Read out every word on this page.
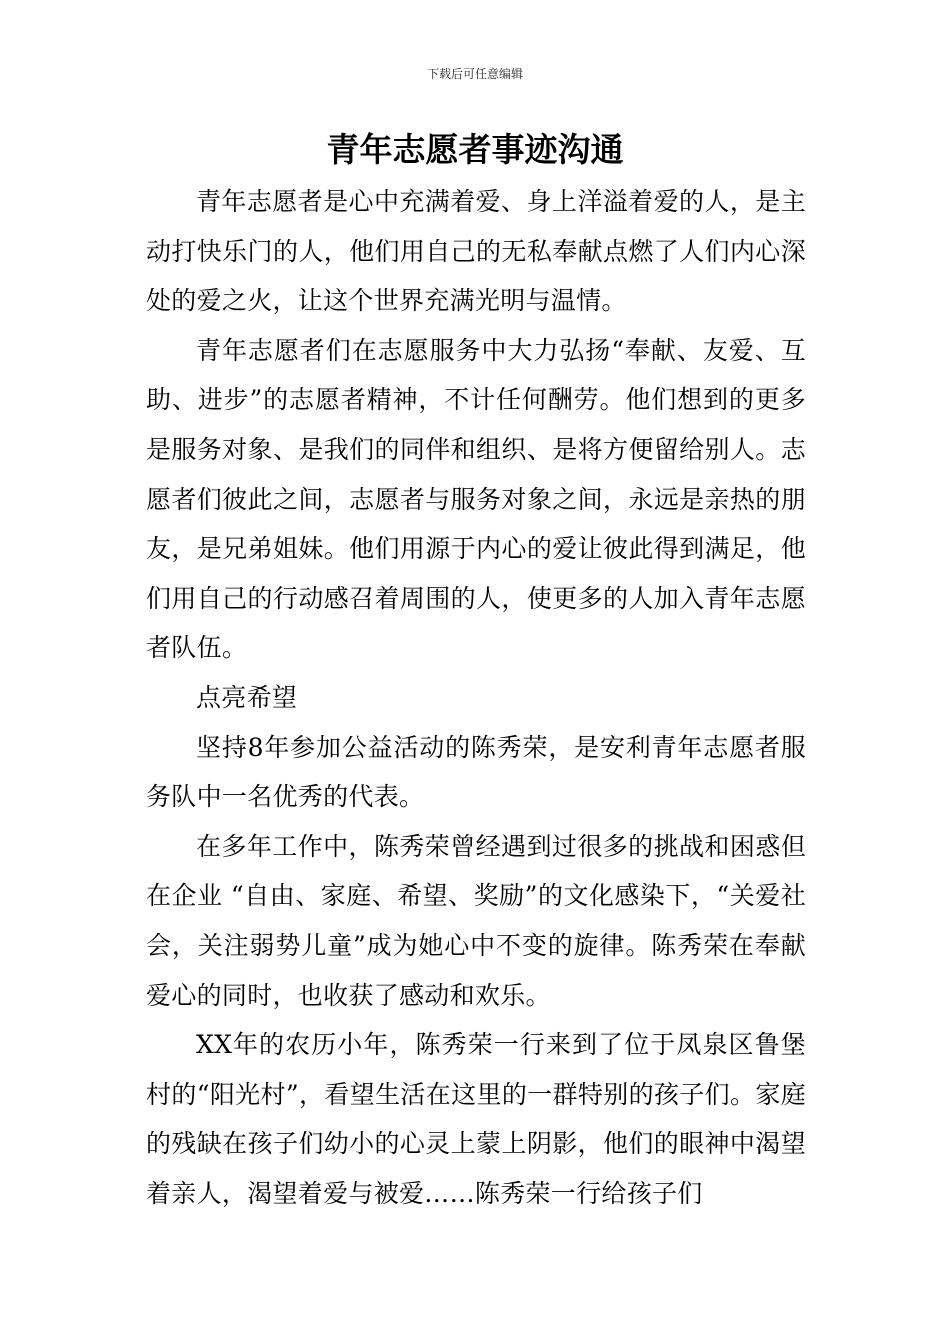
下载后可任意编辑
青年志愿者事迹沟通

青年志愿者是心中充满着爱、身上洋溢着爱的人，是主动打快乐门的人，他们用自己的无私奉献点燃了人们内心深处的爱之火，让这个世界充满光明与温情。

青年志愿者们在志愿服务中大力弘扬“奉献、友爱、互助、进步”的志愿者精神，不计任何酬劳。他们想到的更多是服务对象、是我们的同伴和组织、是将方便留给别人。志愿者们彼此之间，志愿者与服务对象之间，永远是亲热的朋友，是兄弟姐妹。他们用源于内心的爱让彼此得到满足，他们用自己的行动感召着周围的人，使更多的人加入青年志愿者队伍。

点亮希望

坚持8年参加公益活动的陈秀荣，是安利青年志愿者服务队中一名优秀的代表。

在多年工作中，陈秀荣曾经遇到过很多的挑战和困惑但在企业 “自由、家庭、希望、奖励”的文化感染下，“关爱社会，关注弱势儿童”成为她心中不变的旋律。陈秀荣在奉献爱心的同时，也收获了感动和欢乐。

XX年的农历小年，陈秀荣一行来到了位于凤泉区鲁堡村的“阳光村”，看望生活在这里的一群特别的孩子们。家庭的残缺在孩子们幼小的心灵上蒙上阴影，他们的眼神中渴望着亲人，渴望着爱与被爱……陈秀荣一行给孩子们
